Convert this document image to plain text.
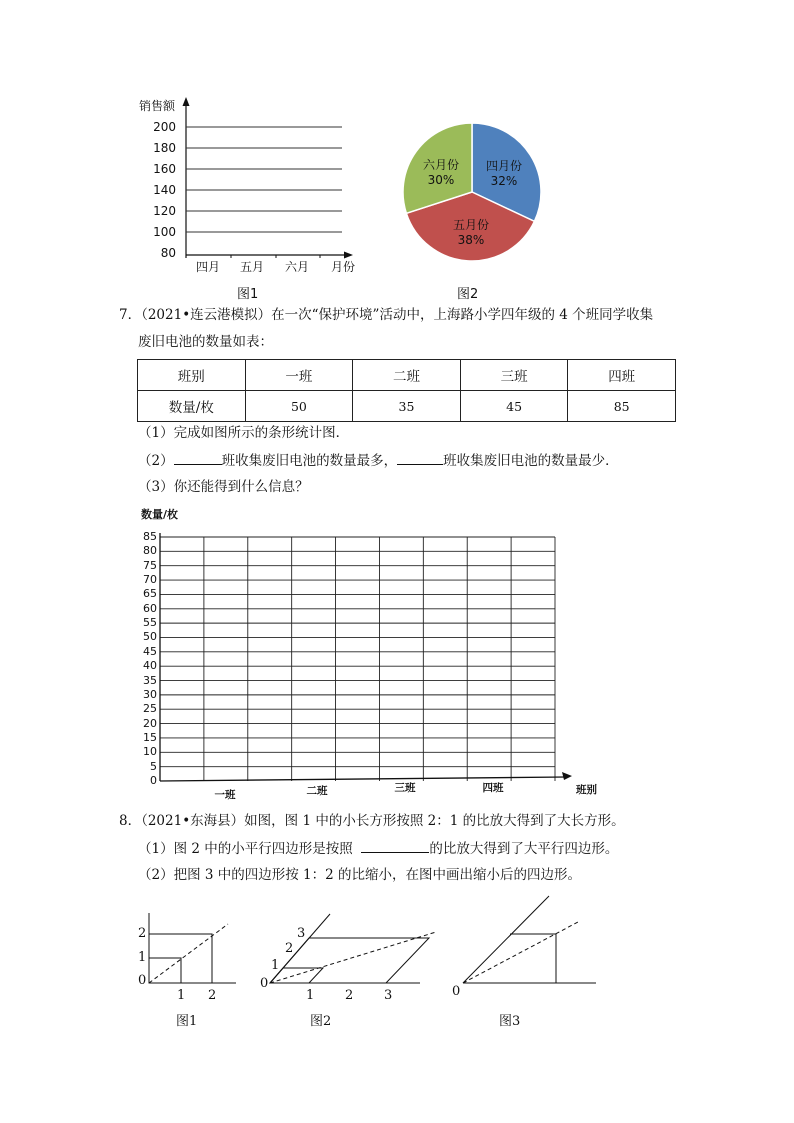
销售额
200
180
160
140
120
100
80
四月 五月 六月 月份
图1
四月份
32%
五月份
38%
六月份
30%
图2
7．（2021•连云港模拟）在一次“保护环境”活动中，上海路小学四年级的 4 个班同学收集
废旧电池的数量如表：
班别	一班	二班	三班	四班
数量/枚	50	35	45	85
（1）完成如图所示的条形统计图．
（2）	班收集废旧电池的数量最多，	班收集废旧电池的数量最少．
（3）你还能得到什么信息？
数量/枚
85
80
75
70
65
60
55
50
45
40
35
30
25
20
15
10
5
0
一班	二班	三班	四班	班别
8．（2021•东海县）如图，图 1 中的小长方形按照 2：1 的比放大得到了大长方形。
（1）图 2 中的小平行四边形是按照	的比放大得到了大平行四边形。
（2）把图 3 中的四边形按 1：2 的比缩小，在图中画出缩小后的四边形。
2
1
0
1 2
图1
3
2
1
0
1 2 3
图2
0
图3
